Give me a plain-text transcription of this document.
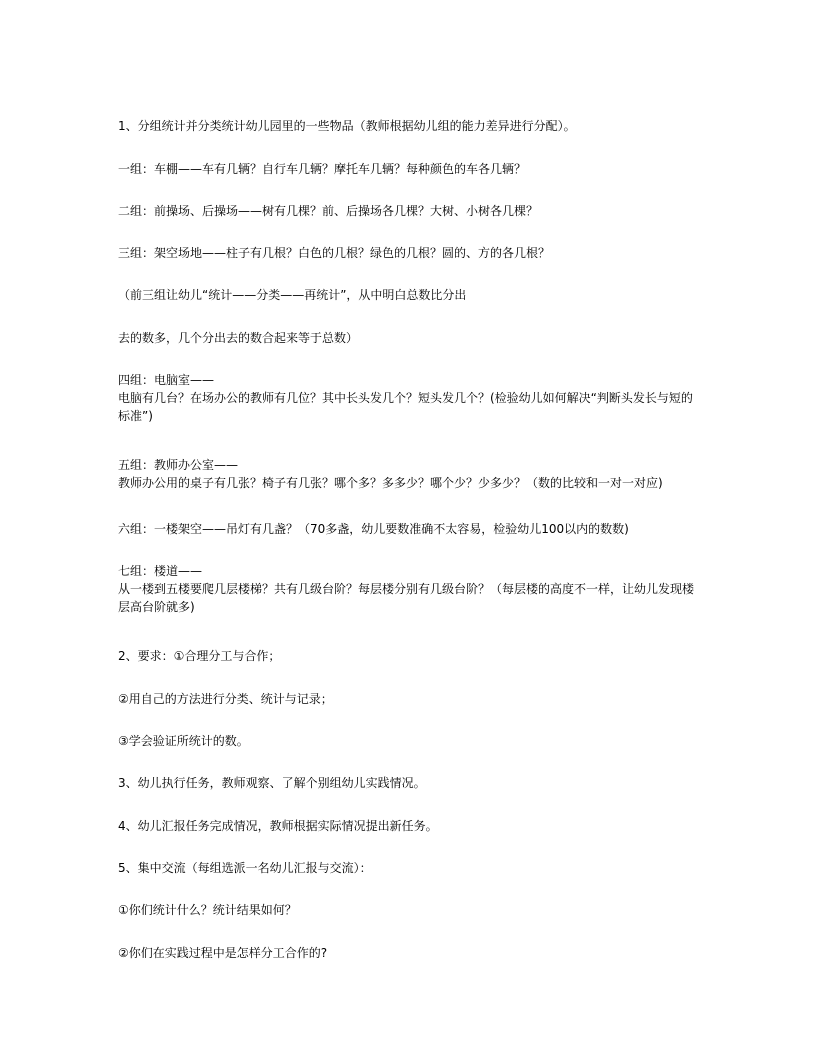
1、分组统计并分类统计幼儿园里的一些物品（教师根据幼儿组的能力差异进行分配）。
一组：车棚——车有几辆？自行车几辆？摩托车几辆？每种颜色的车各几辆？
二组：前操场、后操场——树有几棵？前、后操场各几棵？大树、小树各几棵？
三组：架空场地——柱子有几根？白色的几根？绿色的几根？圆的、方的各几根？
（前三组让幼儿“统计——分类——再统计”，从中明白总数比分出
去的数多，几个分出去的数合起来等于总数）
四组：电脑室——
电脑有几台？在场办公的教师有几位？其中长头发几个？短头发几个？(检验幼儿如何解决“判断头发长与短的
标准”)
五组：教师办公室——
教师办公用的桌子有几张？椅子有几张？哪个多？多多少？哪个少？少多少？（数的比较和一对一对应)
六组：一楼架空——吊灯有几盏？（70多盏，幼儿要数准确不太容易，检验幼儿100以内的数数)
七组：楼道——
从一楼到五楼要爬几层楼梯？共有几级台阶？每层楼分别有几级台阶？（每层楼的高度不一样，让幼儿发现楼
层高台阶就多)
2、要求：①合理分工与合作；
②用自己的方法进行分类、统计与记录；
③学会验证所统计的数。
3、幼儿执行任务，教师观察、了解个别组幼儿实践情况。
4、幼儿汇报任务完成情况，教师根据实际情况提出新任务。
5、集中交流（每组选派一名幼儿汇报与交流）：
①你们统计什么？统计结果如何？
②你们在实践过程中是怎样分工合作的?
